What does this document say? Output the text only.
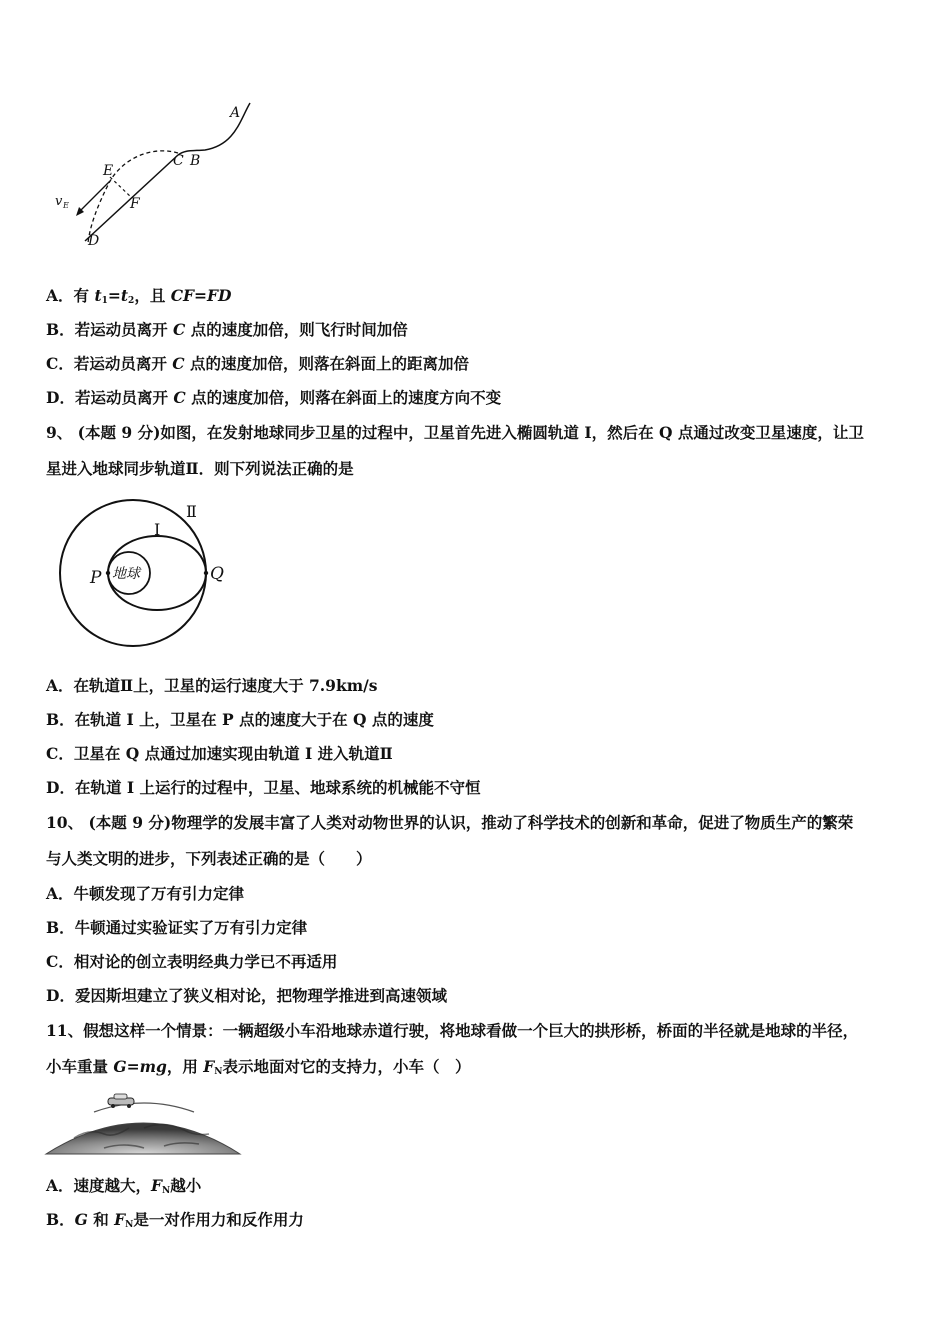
A
C B
E
F
D
v E
A．有 $t_1=t_2$，且 CF=FD
B．若运动员离开 C 点的速度加倍，则飞行时间加倍
C．若运动员离开 C 点的速度加倍，则落在斜面上的距离加倍
D．若运动员离开 C 点的速度加倍，则落在斜面上的速度方向不变
9、 (本题 9 分)如图，在发射地球同步卫星的过程中，卫星首先进入椭圆轨道 I，然后在 Q 点通过改变卫星速度，让卫
星进入地球同步轨道Ⅱ．则下列说法正确的是
Ⅱ
I
P	Q
地球
A．在轨道Ⅱ上，卫星的运行速度大于 7.9km/s
B．在轨道 I 上，卫星在 P 点的速度大于在 Q 点的速度
C．卫星在 Q 点通过加速实现由轨道 I 进入轨道Ⅱ
D．在轨道 I 上运行的过程中，卫星、地球系统的机械能不守恒
10、 (本题 9 分)物理学的发展丰富了人类对动物世界的认识，推动了科学技术的创新和革命，促进了物质生产的繁荣
与人类文明的进步，下列表述正确的是（　　）
A．牛顿发现了万有引力定律
B．牛顿通过实验证实了万有引力定律
C．相对论的创立表明经典力学已不再适用
D．爱因斯坦建立了狭义相对论，把物理学推进到高速领域
11、假想这样一个情景：一辆超级小车沿地球赤道行驶，将地球看做一个巨大的拱形桥，桥面的半径就是地球的半径，
小车重量 G=mg，用 $F_N$表示地面对它的支持力，小车（　）
A．速度越大，$F_N$越小
B．G 和 $F_N$是一对作用力和反作用力
